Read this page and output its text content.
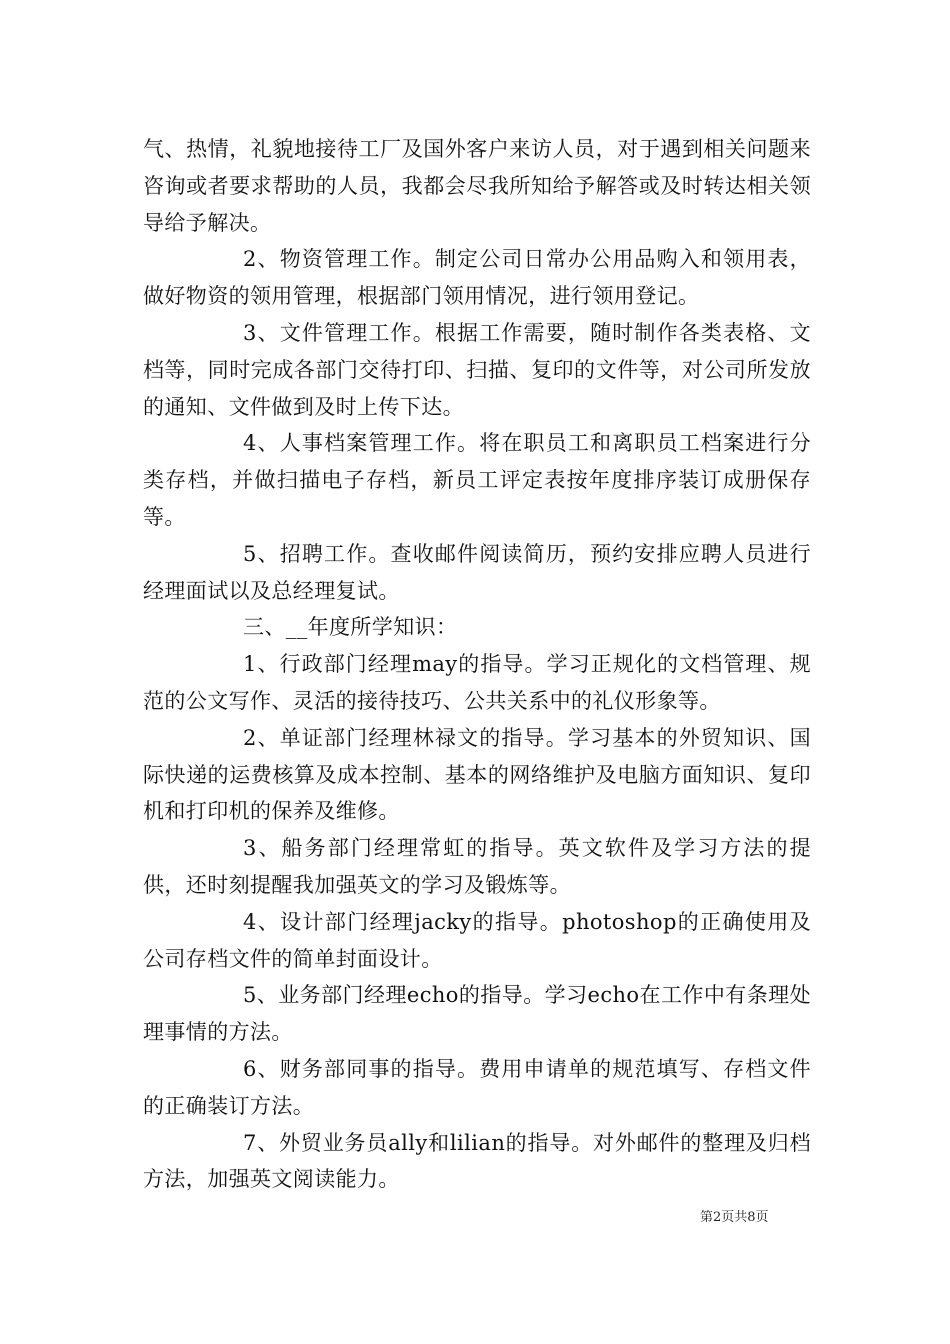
气、热情，礼貌地接待工厂及国外客户来访人员，对于遇到相关问题来咨询或者要求帮助的人员，我都会尽我所知给予解答或及时转达相关领导给予解决。

2、物资管理工作。制定公司日常办公用品购入和领用表，做好物资的领用管理，根据部门领用情况，进行领用登记。

3、文件管理工作。根据工作需要，随时制作各类表格、文档等，同时完成各部门交待打印、扫描、复印的文件等，对公司所发放的通知、文件做到及时上传下达。

4、人事档案管理工作。将在职员工和离职员工档案进行分类存档，并做扫描电子存档，新员工评定表按年度排序装订成册保存等。

5、招聘工作。查收邮件阅读简历，预约安排应聘人员进行经理面试以及总经理复试。

三、__年度所学知识：

1、行政部门经理may的指导。学习正规化的文档管理、规范的公文写作、灵活的接待技巧、公共关系中的礼仪形象等。

2、单证部门经理林禄文的指导。学习基本的外贸知识、国际快递的运费核算及成本控制、基本的网络维护及电脑方面知识、复印机和打印机的保养及维修。

3、船务部门经理常虹的指导。英文软件及学习方法的提供，还时刻提醒我加强英文的学习及锻炼等。

4、设计部门经理jacky的指导。photoshop的正确使用及公司存档文件的简单封面设计。

5、业务部门经理echo的指导。学习echo在工作中有条理处理事情的方法。

6、财务部同事的指导。费用申请单的规范填写、存档文件的正确装订方法。

7、外贸业务员ally和lilian的指导。对外邮件的整理及归档方法，加强英文阅读能力。

第2页共8页
